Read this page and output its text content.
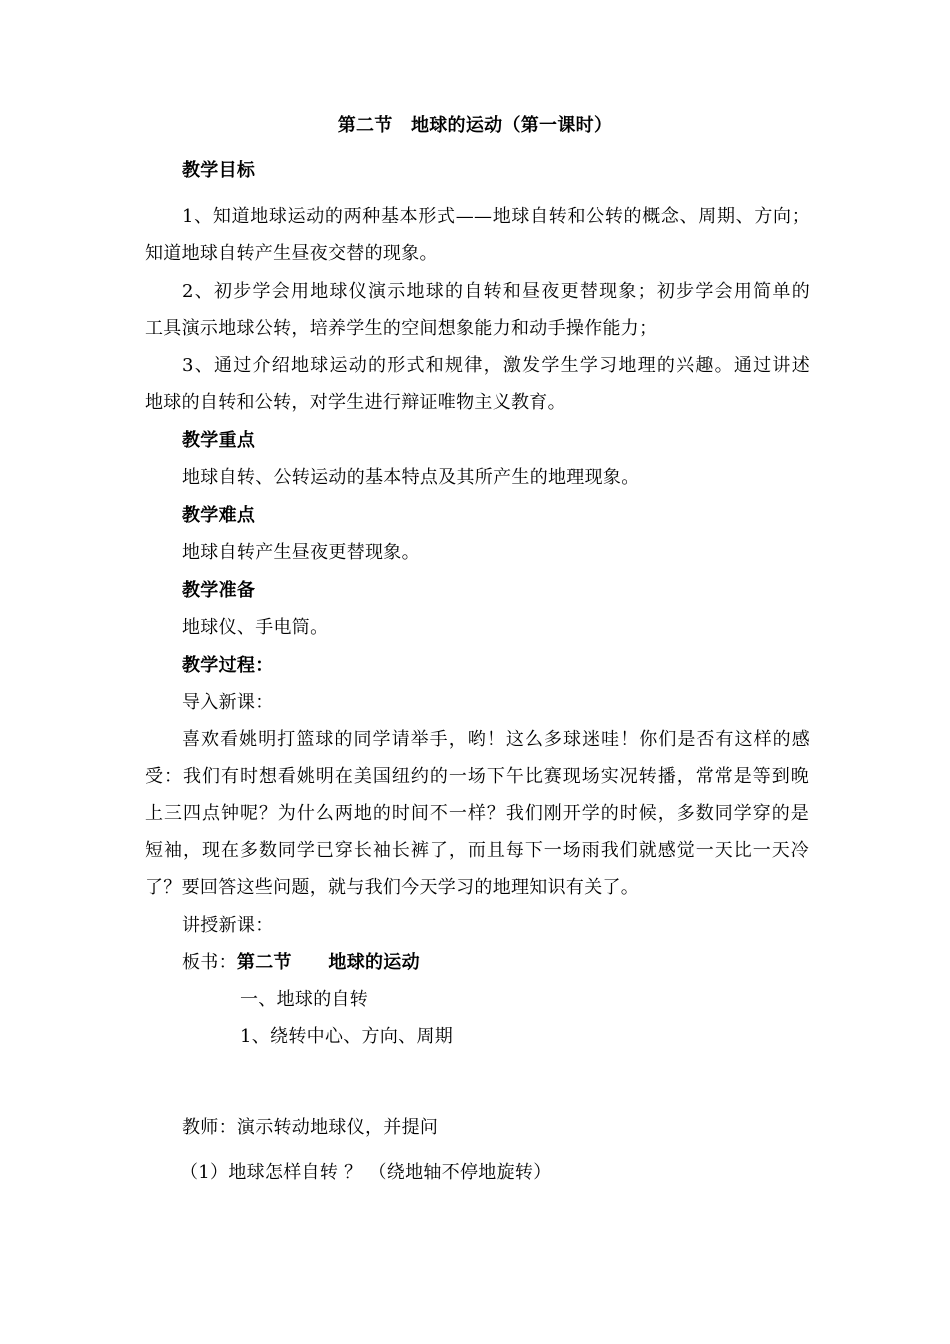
第二节　地球的运动（第一课时）
教学目标
1、知道地球运动的两种基本形式——地球自转和公转的概念、周期、方向；
知道地球自转产生昼夜交替的现象。
2、初步学会用地球仪演示地球的自转和昼夜更替现象；初步学会用简单的
工具演示地球公转，培养学生的空间想象能力和动手操作能力；
3、通过介绍地球运动的形式和规律，激发学生学习地理的兴趣。通过讲述
地球的自转和公转，对学生进行辩证唯物主义教育。
教学重点
地球自转、公转运动的基本特点及其所产生的地理现象。
教学难点
地球自转产生昼夜更替现象。
教学准备
地球仪、手电筒。
教学过程：
导入新课：
喜欢看姚明打篮球的同学请举手，哟！这么多球迷哇！你们是否有这样的感
受：我们有时想看姚明在美国纽约的一场下午比赛现场实况转播，常常是等到晚
上三四点钟呢？为什么两地的时间不一样？我们刚开学的时候，多数同学穿的是
短袖，现在多数同学已穿长袖长裤了，而且每下一场雨我们就感觉一天比一天冷
了？要回答这些问题，就与我们今天学习的地理知识有关了。
讲授新课：
板书：第二节　　地球的运动
一、地球的自转
1、绕转中心、方向、周期
教师：演示转动地球仪，并提问
（1）地球怎样自转 ？ （绕地轴不停地旋转）
